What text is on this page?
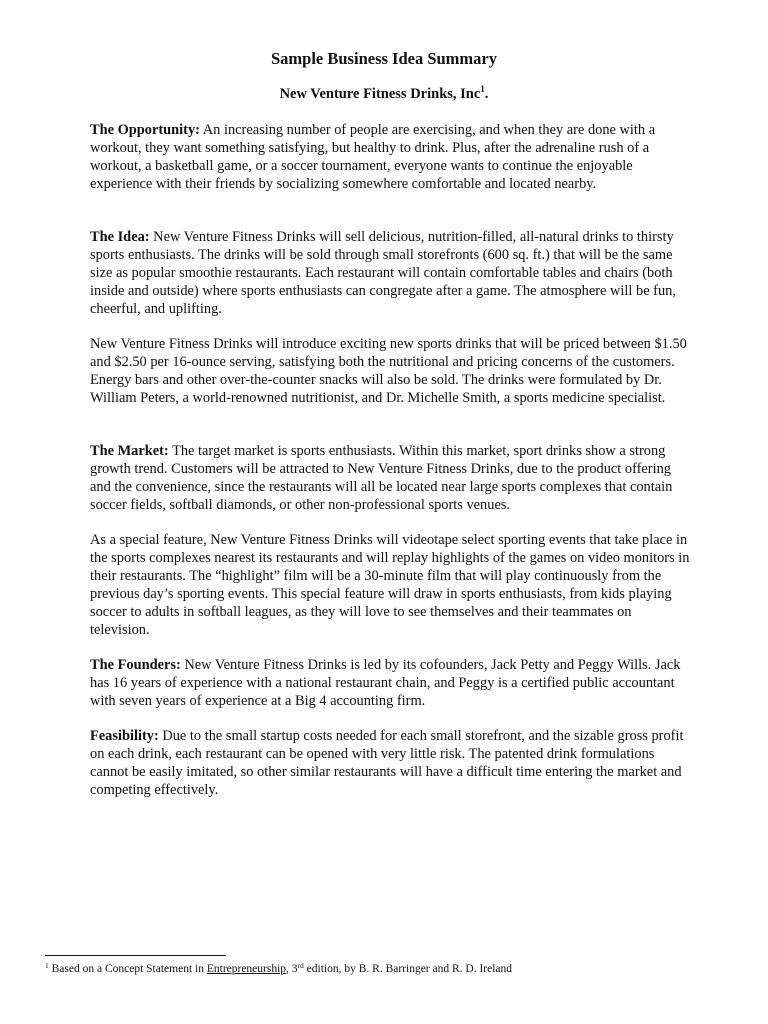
Sample Business Idea Summary
New Venture Fitness Drinks, Inc$^1$.

The Opportunity: An increasing number of people are exercising, and when they are done with a workout, they want something satisfying, but healthy to drink. Plus, after the adrenaline rush of a workout, a basketball game, or a soccer tournament, everyone wants to continue the enjoyable experience with their friends by socializing somewhere comfortable and located nearby.

The Idea: New Venture Fitness Drinks will sell delicious, nutrition-filled, all-natural drinks to thirsty sports enthusiasts. The drinks will be sold through small storefronts (600 sq. ft.) that will be the same size as popular smoothie restaurants. Each restaurant will contain comfortable tables and chairs (both inside and outside) where sports enthusiasts can congregate after a game. The atmosphere will be fun, cheerful, and uplifting.

New Venture Fitness Drinks will introduce exciting new sports drinks that will be priced between $1.50 and $2.50 per 16-ounce serving, satisfying both the nutritional and pricing concerns of the customers. Energy bars and other over-the-counter snacks will also be sold. The drinks were formulated by Dr. William Peters, a world-renowned nutritionist, and Dr. Michelle Smith, a sports medicine specialist.

The Market: The target market is sports enthusiasts. Within this market, sport drinks show a strong growth trend. Customers will be attracted to New Venture Fitness Drinks, due to the product offering and the convenience, since the restaurants will all be located near large sports complexes that contain soccer fields, softball diamonds, or other non-professional sports venues.

As a special feature, New Venture Fitness Drinks will videotape select sporting events that take place in the sports complexes nearest its restaurants and will replay highlights of the games on video monitors in their restaurants. The “highlight” film will be a 30-minute film that will play continuously from the previous day’s sporting events. This special feature will draw in sports enthusiasts, from kids playing soccer to adults in softball leagues, as they will love to see themselves and their teammates on television.

The Founders: New Venture Fitness Drinks is led by its cofounders, Jack Petty and Peggy Wills. Jack has 16 years of experience with a national restaurant chain, and Peggy is a certified public accountant with seven years of experience at a Big 4 accounting firm.

Feasibility: Due to the small startup costs needed for each small storefront, and the sizable gross profit on each drink, each restaurant can be opened with very little risk. The patented drink formulations cannot be easily imitated, so other similar restaurants will have a difficult time entering the market and competing effectively.

$^1$ Based on a Concept Statement in Entrepreneurship, 3rd edition, by B. R. Barringer and R. D. Ireland
